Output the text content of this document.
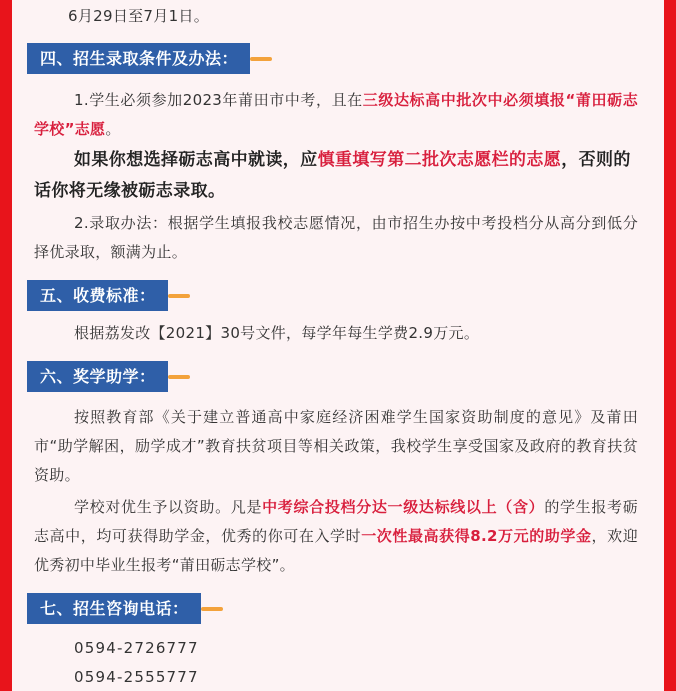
6月29日至7月1日。

四、招生录取条件及办法：

1.学生必须参加2023年莆田市中考，且在三级达标高中批次中必须填报“莆田砺志学校”志愿。

如果你想选择砺志高中就读，应慎重填写第二批次志愿栏的志愿，否则的话你将无缘被砺志录取。

2.录取办法：根据学生填报我校志愿情况，由市招生办按中考投档分从高分到低分择优录取，额满为止。

五、收费标准：

根据荔发改【2021】30号文件，每学年每生学费2.9万元。

六、奖学助学：

按照教育部《关于建立普通高中家庭经济困难学生国家资助制度的意见》及莆田市“助学解困，励学成才”教育扶贫项目等相关政策，我校学生享受国家及政府的教育扶贫资助。

学校对优生予以资助。凡是中考综合投档分达一级达标线以上（含）的学生报考砺志高中，均可获得助学金，优秀的你可在入学时一次性最高获得8.2万元的助学金，欢迎优秀初中毕业生报考“莆田砺志学校”。

七、招生咨询电话：

0594-2726777

0594-2555777
